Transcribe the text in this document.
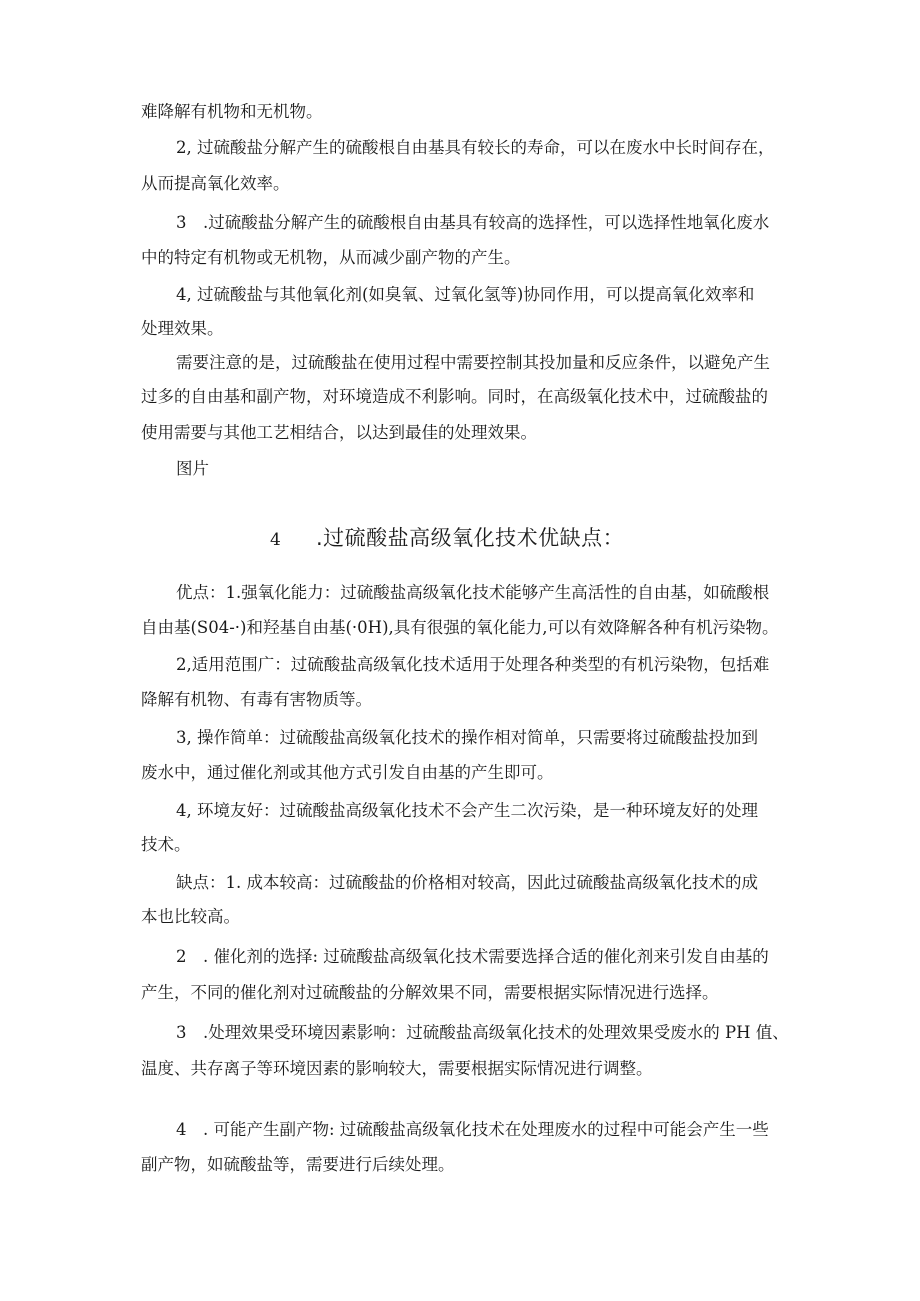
难降解有机物和无机物。
2, 过硫酸盐分解产生的硫酸根自由基具有较长的寿命，可以在废水中长时间存在，
从而提高氧化效率。
3　.过硫酸盐分解产生的硫酸根自由基具有较高的选择性，可以选择性地氧化废水
中的特定有机物或无机物，从而减少副产物的产生。
4, 过硫酸盐与其他氧化剂(如臭氧、过氧化氢等)协同作用，可以提高氧化效率和
处理效果。
需要注意的是，过硫酸盐在使用过程中需要控制其投加量和反应条件，以避免产生
过多的自由基和副产物，对环境造成不利影响。同时，在高级氧化技术中，过硫酸盐的
使用需要与其他工艺相结合，以达到最佳的处理效果。
图片
4 .过硫酸盐高级氧化技术优缺点：
优点：1.强氧化能力：过硫酸盐高级氧化技术能够产生高活性的自由基，如硫酸根
自由基(S04-·)和羟基自由基(·0H),具有很强的氧化能力,可以有效降解各种有机污染物。
2,适用范围广：过硫酸盐高级氧化技术适用于处理各种类型的有机污染物，包括难
降解有机物、有毒有害物质等。
3, 操作简单：过硫酸盐高级氧化技术的操作相对简单，只需要将过硫酸盐投加到
废水中，通过催化剂或其他方式引发自由基的产生即可。
4, 环境友好：过硫酸盐高级氧化技术不会产生二次污染，是一种环境友好的处理
技术。
缺点：1. 成本较高：过硫酸盐的价格相对较高，因此过硫酸盐高级氧化技术的成
本也比较高。
2　. 催化剂的选择: 过硫酸盐高级氧化技术需要选择合适的催化剂来引发自由基的
产生，不同的催化剂对过硫酸盐的分解效果不同，需要根据实际情况进行选择。
3　.处理效果受环境因素影响：过硫酸盐高级氧化技术的处理效果受废水的 PH 值、
温度、共存离子等环境因素的影响较大，需要根据实际情况进行调整。
4　. 可能产生副产物: 过硫酸盐高级氧化技术在处理废水的过程中可能会产生一些
副产物，如硫酸盐等，需要进行后续处理。
